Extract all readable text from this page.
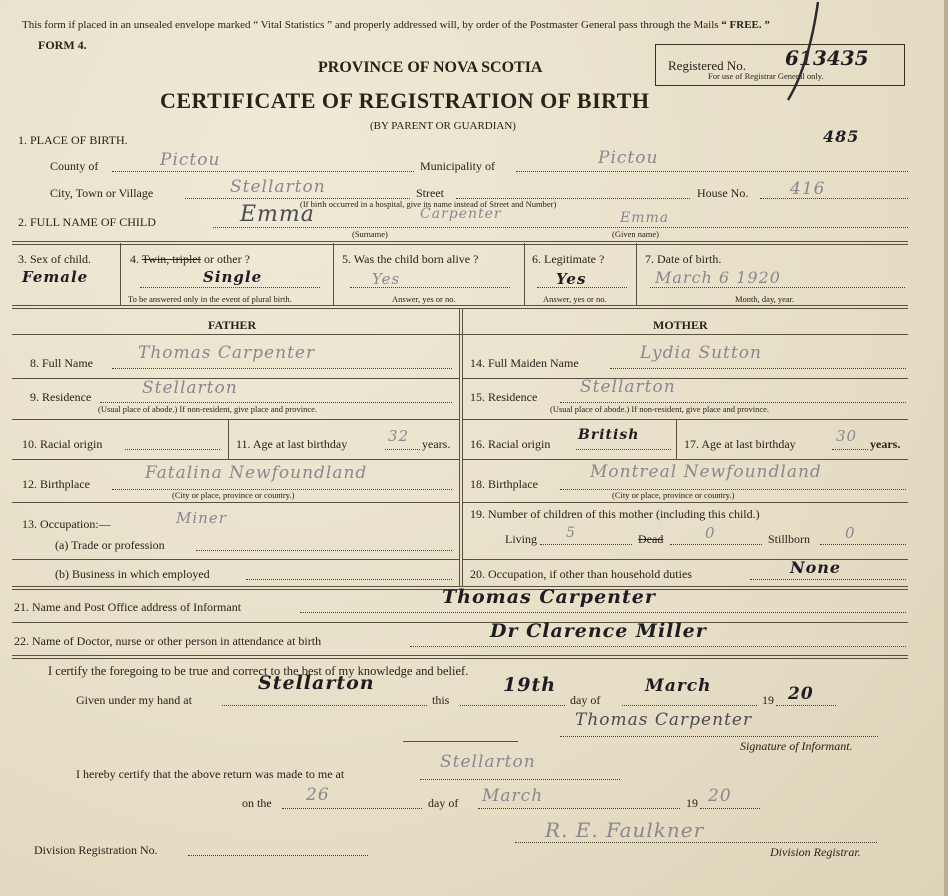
This form if placed in an unsealed envelope marked “ Vital Statistics ” and properly addressed will, by order of the Postmaster General pass through the Mails “ FREE. ”
FORM 4.
PROVINCE OF NOVA SCOTIA
CERTIFICATE OF REGISTRATION OF BIRTH
(BY PARENT OR GUARDIAN)
Registered No.
For use of Registrar General only.
613435
485
1. PLACE OF BIRTH.
County of	Pictou	Municipality of	Pictou
City, Town or Village	Stellarton	Street
(If birth occurred in a hospital, give its name instead of Street and Number)
House No. 416
2. FULL NAME OF CHILD	Emma	Carpenter	Emma
(Surname)	(Given name)
3. Sex of child.
Female
4. Twin, triplet or other ?
Single
To be answered only in the event of plural birth.
5. Was the child born alive ?
Yes
Answer, yes or no.
6. Legitimate ?
Yes
Answer, yes or no.
7. Date of birth.
March 6 1920
Month, day, year.
FATHER	MOTHER
8. Full Name	Thomas Carpenter
9. Residence	Stellarton
(Usual place of abode.) If non-resident, give place and province.
10. Racial origin	11. Age at last birthday	32 years.
12. Birthplace
Fatalina Newfoundland
(City or place, province or country.)
13. Occupation:—	Miner
(a) Trade or profession
(b) Business in which employed
14. Full Maiden Name	Lydia Sutton
15. Residence	Stellarton
(Usual place of abode.) If non-resident, give place and province.
16. Racial origin
British
17. Age at last birthday	30 years.
18. Birthplace
Montreal Newfoundland
(City or place, province or country.)
19. Number of children of this mother (including this child.)
Living 5	Dead	0	Stillborn 0
20. Occupation, if other than household duties	None
21. Name and Post Office address of Informant	Thomas Carpenter
22. Name of Doctor, nurse or other person in attendance at birth	Dr Clarence Miller
I certify the foregoing to be true and correct to the best of my knowledge and belief.
Given under my hand at
Stellarton
this
19th
day of
March
19 20
Thomas Carpenter
Signature of Informant.
I hereby certify that the above return was made to me at
Stellarton
on the 26	day of March	19 20
R. E. Faulkner
Division Registration No.	Division Registrar.
